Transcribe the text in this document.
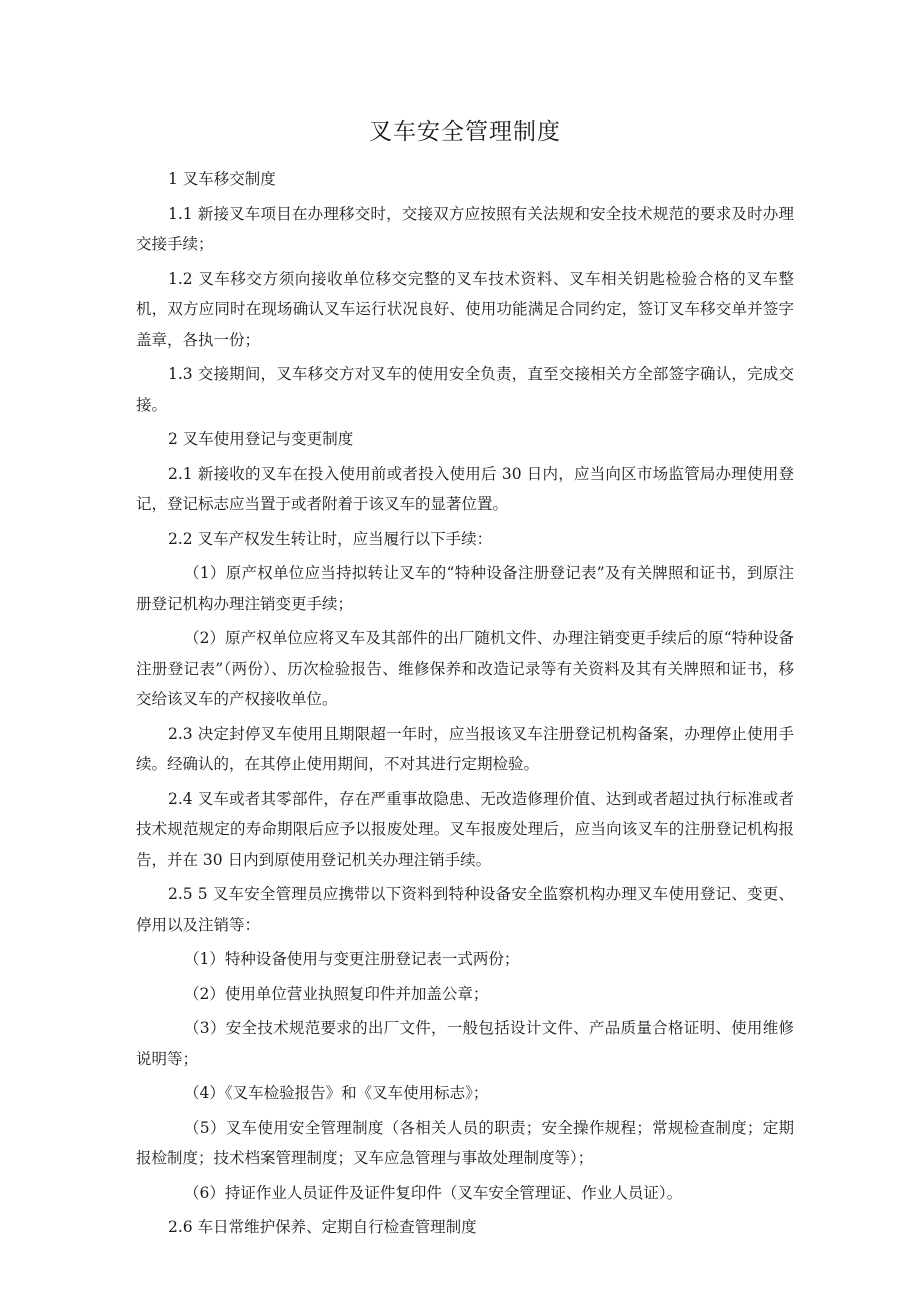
叉车安全管理制度

1 叉车移交制度

1.1 新接叉车项目在办理移交时，交接双方应按照有关法规和安全技术规范的要求及时办理交接手续；

1.2 叉车移交方须向接收单位移交完整的叉车技术资料、叉车相关钥匙检验合格的叉车整机，双方应同时在现场确认叉车运行状况良好、使用功能满足合同约定，签订叉车移交单并签字盖章，各执一份；

1.3 交接期间，叉车移交方对叉车的使用安全负责，直至交接相关方全部签字确认，完成交接。

2 叉车使用登记与变更制度

2.1 新接收的叉车在投入使用前或者投入使用后 30 日内，应当向区市场监管局办理使用登记，登记标志应当置于或者附着于该叉车的显著位置。

2.2 叉车产权发生转让时，应当履行以下手续：

（1）原产权单位应当持拟转让叉车的“特种设备注册登记表”及有关牌照和证书，到原注册登记机构办理注销变更手续；

（2）原产权单位应将叉车及其部件的出厂随机文件、办理注销变更手续后的原“特种设备注册登记表”（两份）、历次检验报告、维修保养和改造记录等有关资料及其有关牌照和证书，移交给该叉车的产权接收单位。

2.3 决定封停叉车使用且期限超一年时，应当报该叉车注册登记机构备案，办理停止使用手续。经确认的，在其停止使用期间，不对其进行定期检验。

2.4 叉车或者其零部件，存在严重事故隐患、无改造修理价值、达到或者超过执行标准或者技术规范规定的寿命期限后应予以报废处理。叉车报废处理后，应当向该叉车的注册登记机构报告，并在 30 日内到原使用登记机关办理注销手续。

2.5 5 叉车安全管理员应携带以下资料到特种设备安全监察机构办理叉车使用登记、变更、停用以及注销等：

（1）特种设备使用与变更注册登记表一式两份；

（2）使用单位营业执照复印件并加盖公章；

（3）安全技术规范要求的出厂文件，一般包括设计文件、产品质量合格证明、使用维修说明等；

（4）《叉车检验报告》和《叉车使用标志》；

（5）叉车使用安全管理制度（各相关人员的职责；安全操作规程；常规检查制度；定期报检制度；技术档案管理制度；叉车应急管理与事故处理制度等）；

（6）持证作业人员证件及证件复印件（叉车安全管理证、作业人员证）。

2.6 车日常维护保养、定期自行检查管理制度
